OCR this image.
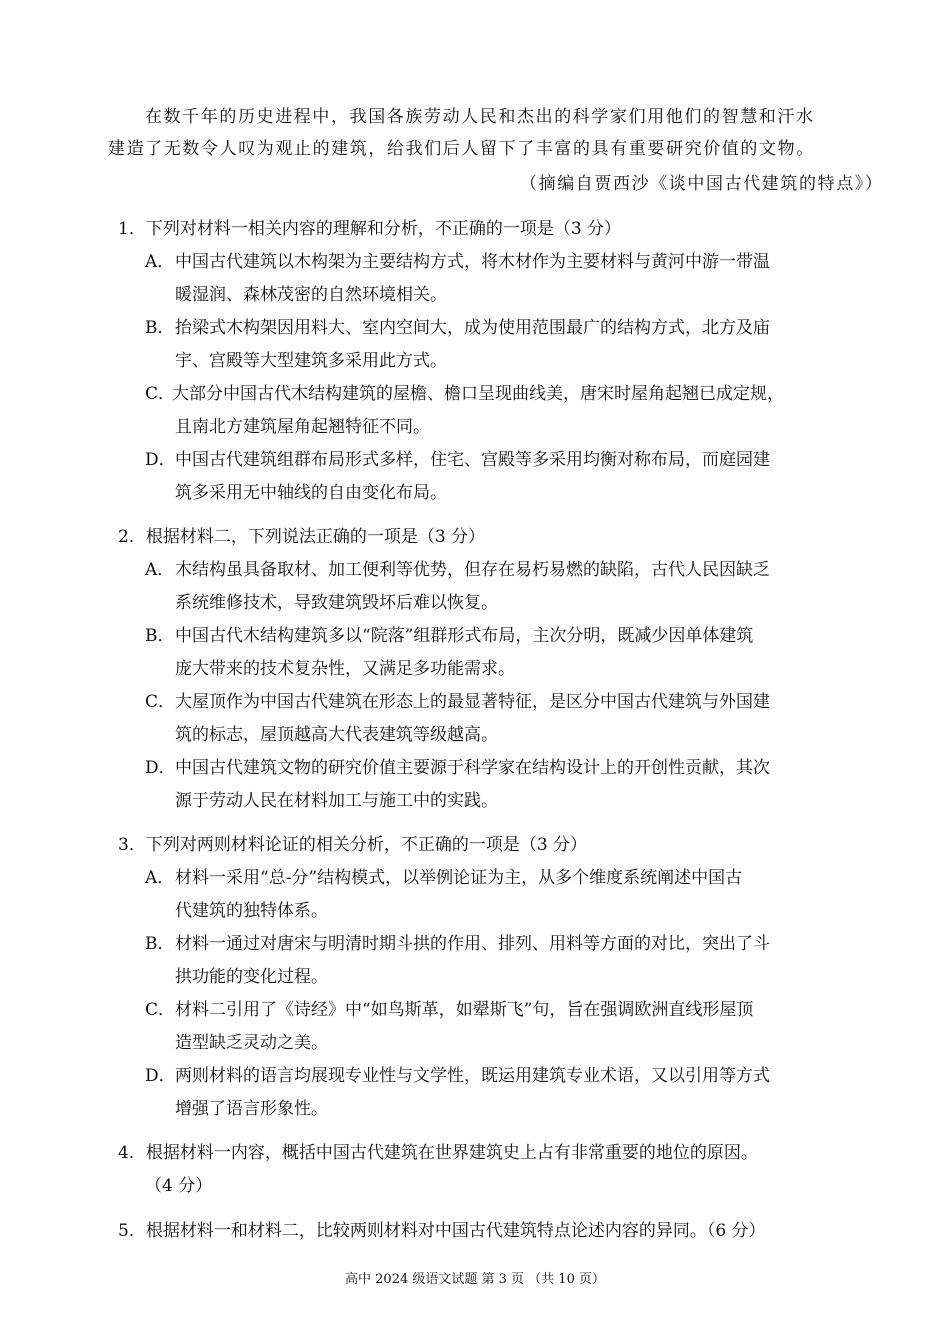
在数千年的历史进程中，我国各族劳动人民和杰出的科学家们用他们的智慧和汗水

建造了无数令人叹为观止的建筑，给我们后人留下了丰富的具有重要研究价值的文物。

（摘编自贾西沙《谈中国古代建筑的特点》）

1．下列对材料一相关内容的理解和分析，不正确的一项是（3 分）

A．中国古代建筑以木构架为主要结构方式，将木材作为主要材料与黄河中游一带温

暖湿润、森林茂密的自然环境相关。

B．抬梁式木构架因用料大、室内空间大，成为使用范围最广的结构方式，北方及庙

宇、宫殿等大型建筑多采用此方式。

C．大部分中国古代木结构建筑的屋檐、檐口呈现曲线美，唐宋时屋角起翘已成定规，

且南北方建筑屋角起翘特征不同。

D．中国古代建筑组群布局形式多样，住宅、宫殿等多采用均衡对称布局，而庭园建

筑多采用无中轴线的自由变化布局。

2．根据材料二，下列说法正确的一项是（3 分）

A．木结构虽具备取材、加工便利等优势，但存在易朽易燃的缺陷，古代人民因缺乏

系统维修技术，导致建筑毁坏后难以恢复。

B．中国古代木结构建筑多以“院落”组群形式布局，主次分明，既减少因单体建筑

庞大带来的技术复杂性，又满足多功能需求。

C．大屋顶作为中国古代建筑在形态上的最显著特征，是区分中国古代建筑与外国建

筑的标志，屋顶越高大代表建筑等级越高。

D．中国古代建筑文物的研究价值主要源于科学家在结构设计上的开创性贡献，其次

源于劳动人民在材料加工与施工中的实践。

3．下列对两则材料论证的相关分析，不正确的一项是（3 分）

A．材料一采用“总-分”结构模式，以举例论证为主，从多个维度系统阐述中国古

代建筑的独特体系。

B．材料一通过对唐宋与明清时期斗拱的作用、排列、用料等方面的对比，突出了斗

拱功能的变化过程。

C．材料二引用了《诗经》中“如鸟斯革，如翚斯飞”句，旨在强调欧洲直线形屋顶

造型缺乏灵动之美。

D．两则材料的语言均展现专业性与文学性，既运用建筑专业术语，又以引用等方式

增强了语言形象性。

4．根据材料一内容，概括中国古代建筑在世界建筑史上占有非常重要的地位的原因。

（4 分）

5．根据材料一和材料二，比较两则材料对中国古代建筑特点论述内容的异同。（6 分）

高中 2024 级语文试题 第 3 页 （共 10 页）
